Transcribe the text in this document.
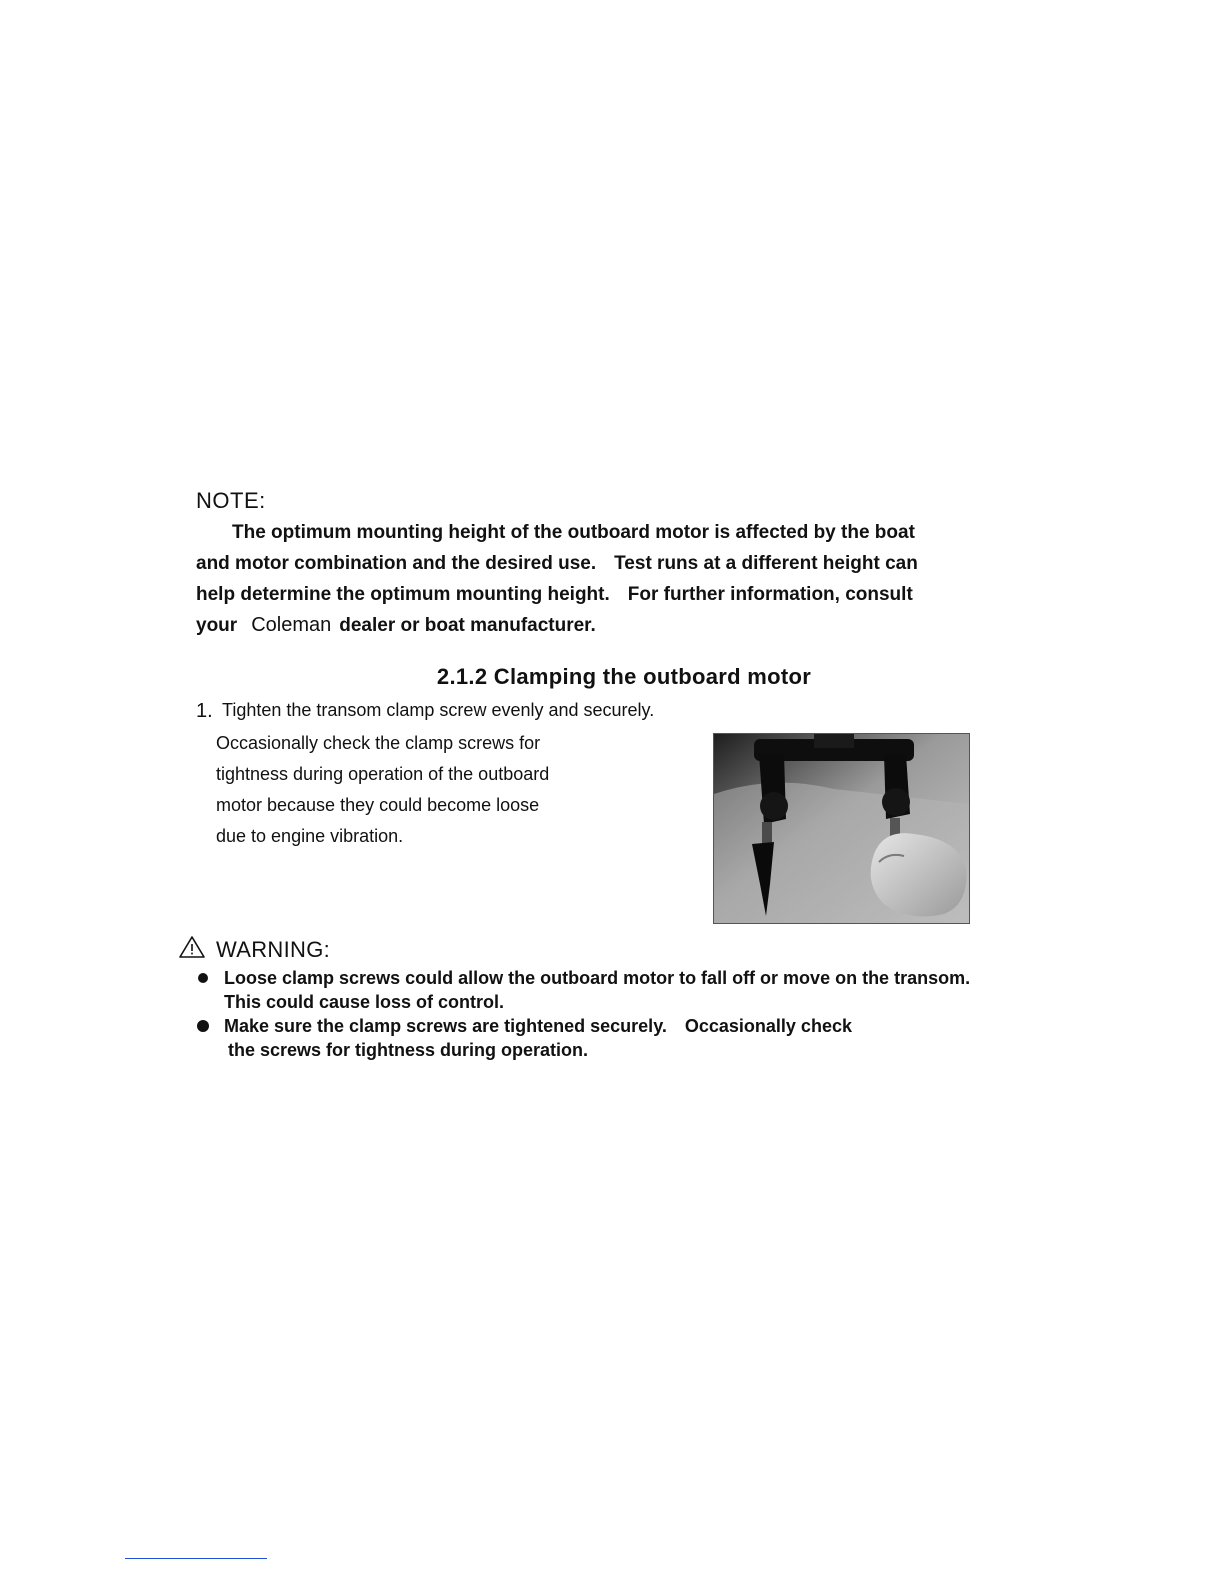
NOTE:
The optimum mounting height of the outboard motor is affected by the boat
and motor combination and the desired use. Test runs at a different height can
help determine the optimum mounting height. For further information, consult
your Coleman dealer or boat manufacturer.
2.1.2 Clamping the outboard motor
1. Tighten the transom clamp screw evenly and securely.
Occasionally check the clamp screws for
tightness during operation of the outboard
motor because they could become loose
due to engine vibration.
WARNING:
Loose clamp screws could allow the outboard motor to fall off or move on the transom.
This could cause loss of control.
Make sure the clamp screws are tightened securely. Occasionally check
the screws for tightness during operation.
